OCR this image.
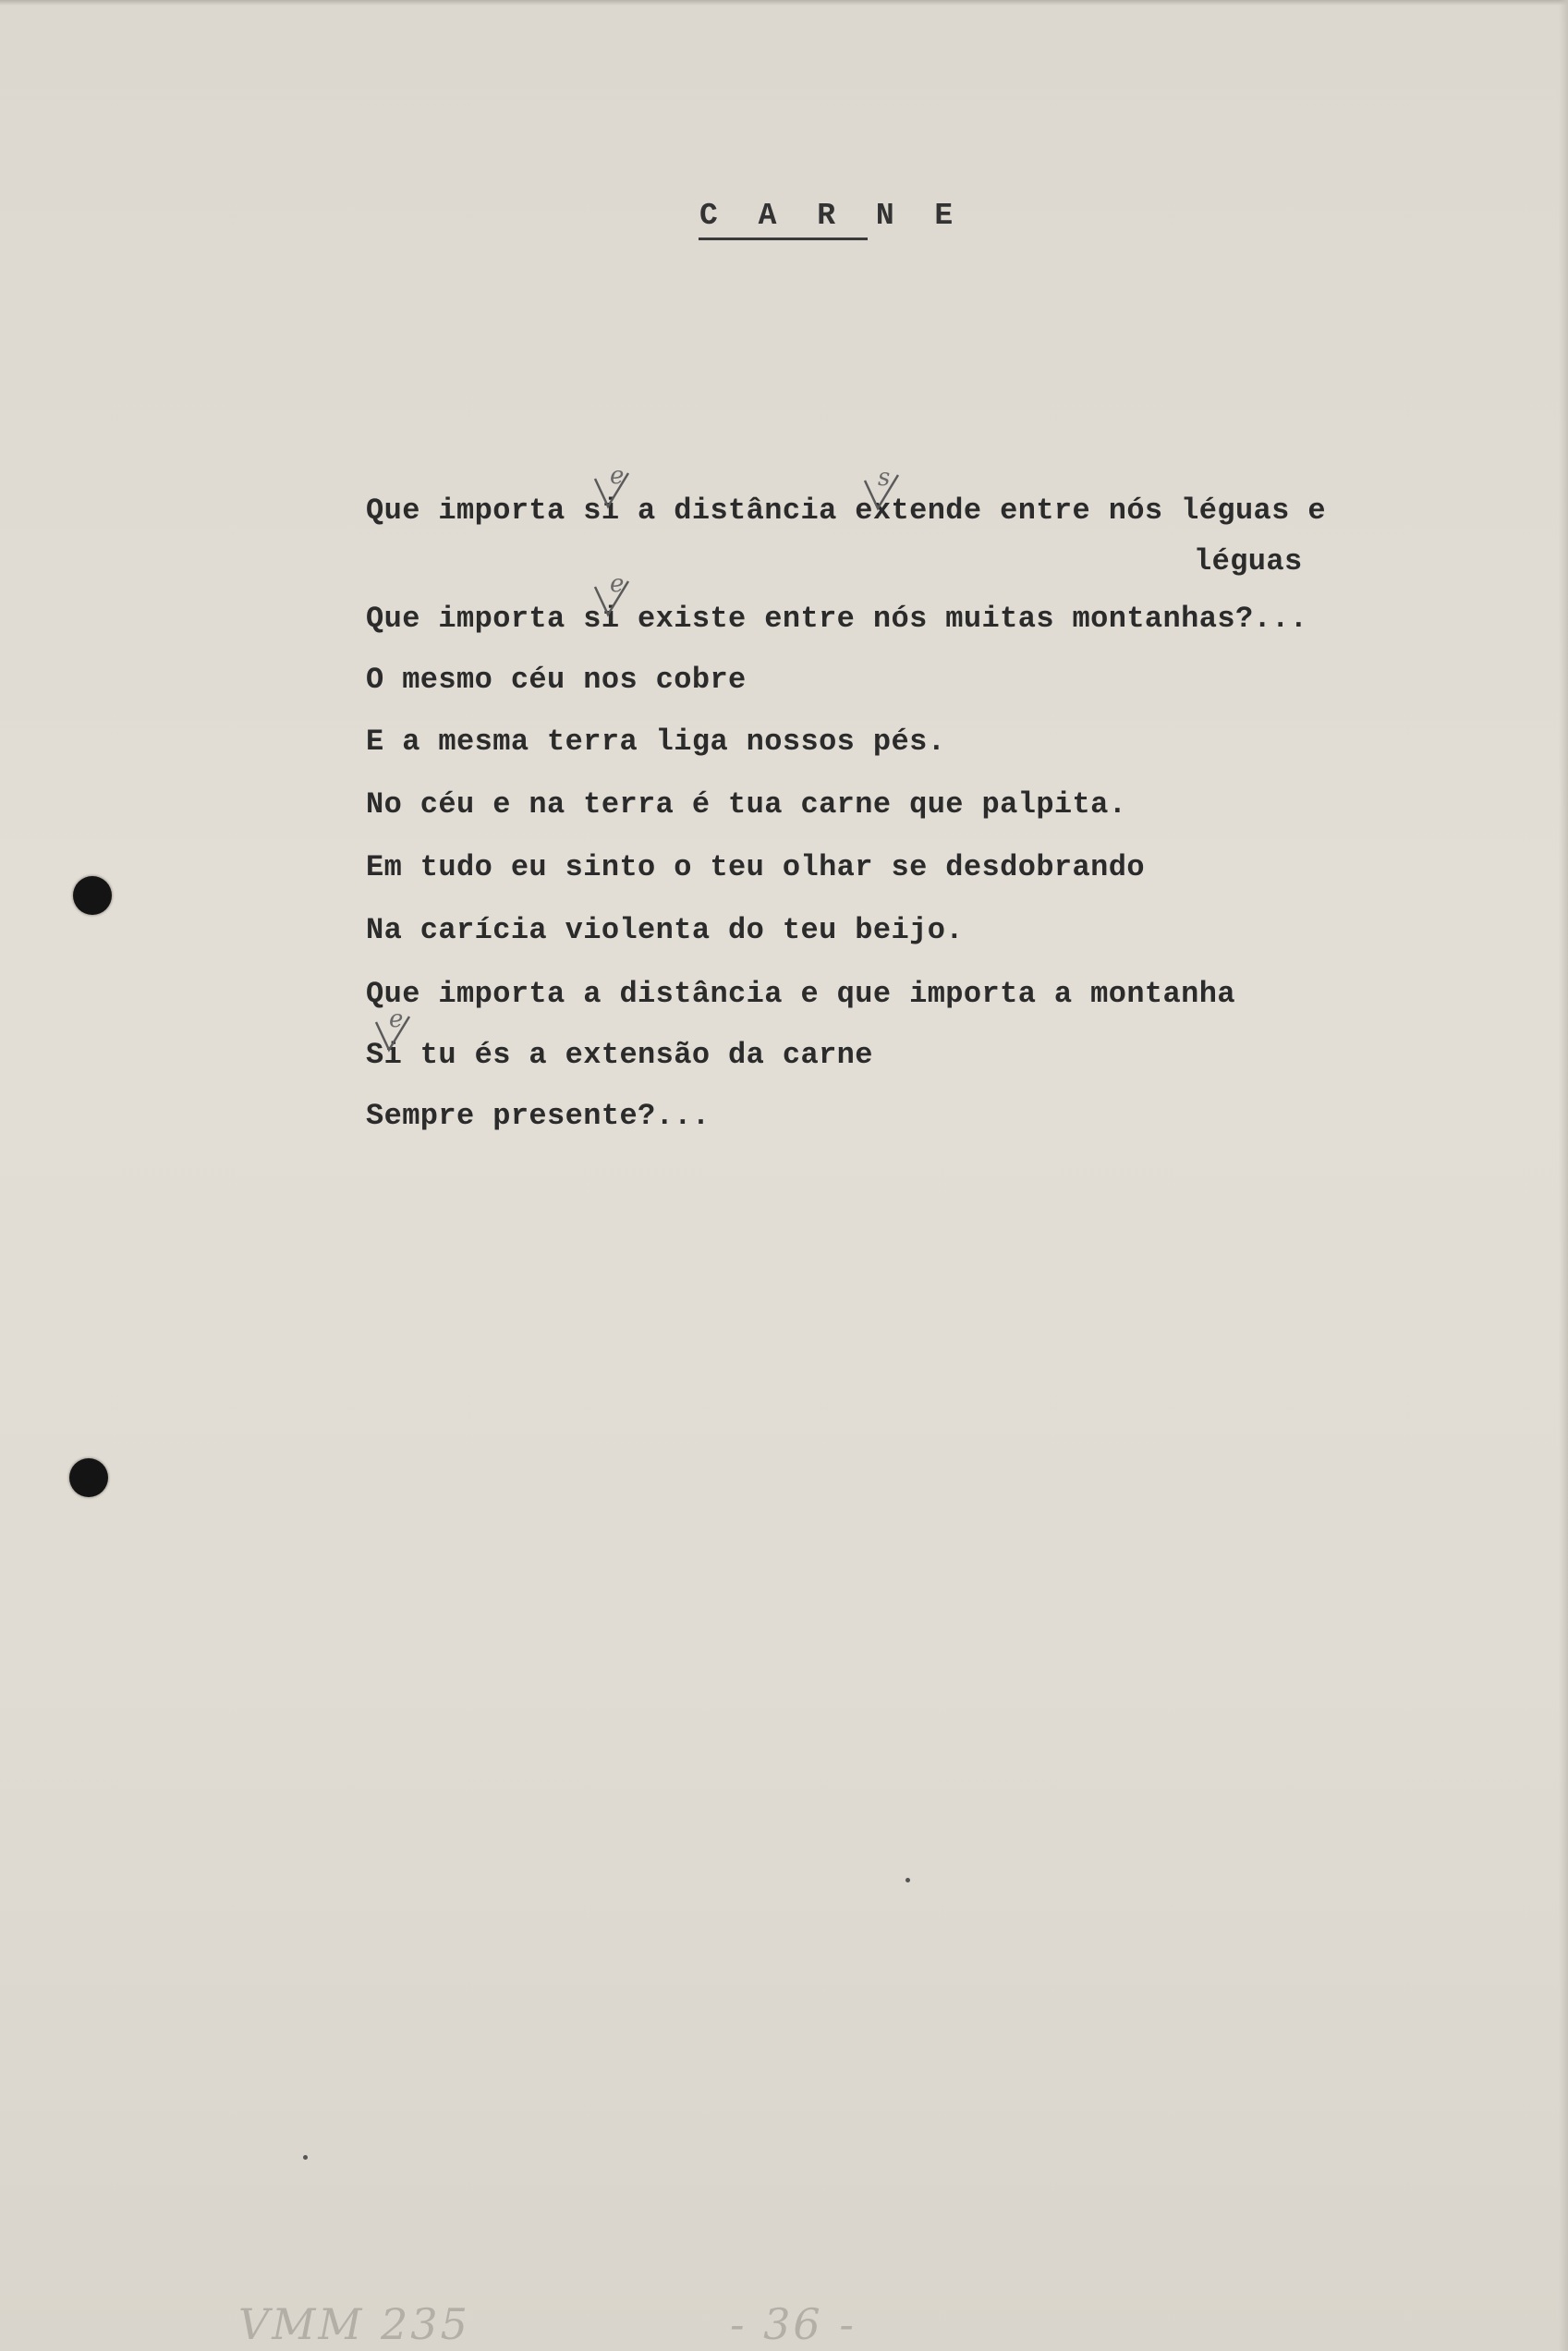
C A R N E
Que importa si a distância extende entre nós léguas e
léguas
Que importa si existe entre nós muitas montanhas?...
O mesmo céu nos cobre
E a mesma terra liga nossos pés.
No céu e na terra é tua carne que palpita.
Em tudo eu sinto o teu olhar se desdobrando
Na carícia violenta do teu beijo.
Que importa a distância e que importa a montanha
Si tu és a extensão da carne
Sempre presente?...
e	s
e
e
VMM 235	- 36 -
